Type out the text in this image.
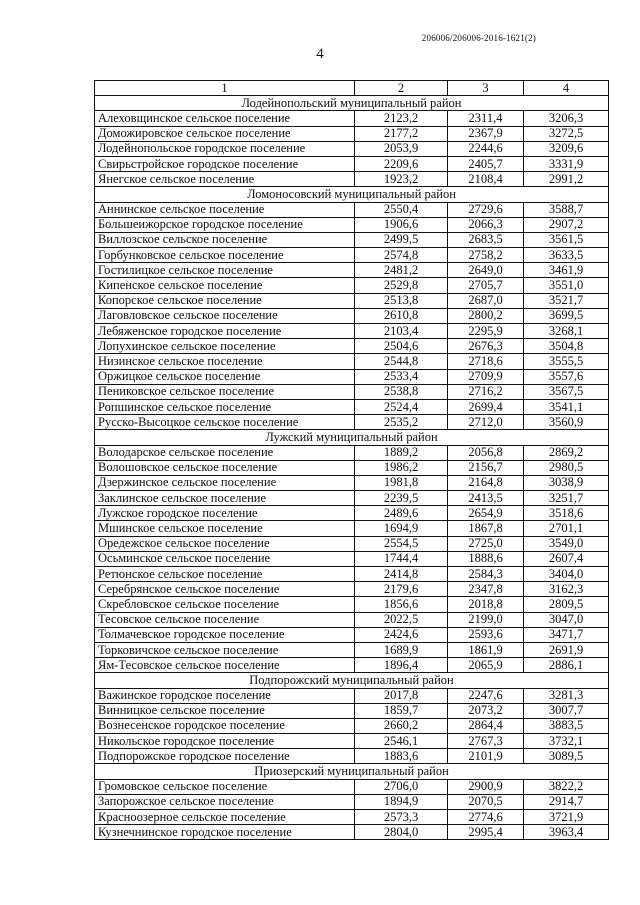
206006/206006-2016-1621(2)
4
1	2	3	4
Лодейнопольский муниципальный район			
Алеховщинское сельское поселение	2123,2	2311,4	3206,3
Доможировское сельское поселение	2177,2	2367,9	3272,5
Лодейнопольское городское поселение	2053,9	2244,6	3209,6
Свирьстройское городское поселение	2209,6	2405,7	3331,9
Янегское сельское поселение	1923,2	2108,4	2991,2
Ломоносовский муниципальный район			
Аннинское сельское поселение	2550,4	2729,6	3588,7
Большеижорское городское поселение	1906,6	2066,3	2907,2
Виллозское сельское поселение	2499,5	2683,5	3561,5
Горбунковское сельское поселение	2574,8	2758,2	3633,5
Гостилицкое сельское поселение	2481,2	2649,0	3461,9
Кипенское сельское поселение	2529,8	2705,7	3551,0
Копорское сельское поселение	2513,8	2687,0	3521,7
Лаговловское сельское поселение	2610,8	2800,2	3699,5
Лебяженское городское поселение	2103,4	2295,9	3268,1
Лопухинское сельское поселение	2504,6	2676,3	3504,8
Низинское сельское поселение	2544,8	2718,6	3555,5
Оржицкое сельское поселение	2533,4	2709,9	3557,6
Пениковское сельское поселение	2538,8	2716,2	3567,5
Ропшинское сельское поселение	2524,4	2699,4	3541,1
Русско-Высоцкое сельское поселение	2535,2	2712,0	3560,9
Лужский муниципальный район			
Володарское сельское поселение	1889,2	2056,8	2869,2
Волошовское сельское поселение	1986,2	2156,7	2980,5
Дзержинское сельское поселение	1981,8	2164,8	3038,9
Заклинское сельское поселение	2239,5	2413,5	3251,7
Лужское городское поселение	2489,6	2654,9	3518,6
Мшинское сельское поселение	1694,9	1867,8	2701,1
Оредежское сельское поселение	2554,5	2725,0	3549,0
Осьминское сельское поселение	1744,4	1888,6	2607,4
Ретюнское сельское поселение	2414,8	2584,3	3404,0
Серебрянское сельское поселение	2179,6	2347,8	3162,3
Скребловское сельское поселение	1856,6	2018,8	2809,5
Тесовское сельское поселение	2022,5	2199,0	3047,0
Толмачевское городское поселение	2424,6	2593,6	3471,7
Торковичское сельское поселение	1689,9	1861,9	2691,9
Ям-Тесовское сельское поселение	1896,4	2065,9	2886,1
Подпорожский муниципальный район			
Важинское городское поселение	2017,8	2247,6	3281,3
Винницкое сельское поселение	1859,7	2073,2	3007,7
Вознесенское городское поселение	2660,2	2864,4	3883,5
Никольское городское поселение	2546,1	2767,3	3732,1
Подпорожское городское поселение	1883,6	2101,9	3089,5
Приозерский муниципальный район			
Громовское сельское поселение	2706,0	2900,9	3822,2
Запорожское сельское поселение	1894,9	2070,5	2914,7
Красноозерное сельское поселение	2573,3	2774,6	3721,9
Кузнечнинское городское поселение	2804,0	2995,4	3963,4
